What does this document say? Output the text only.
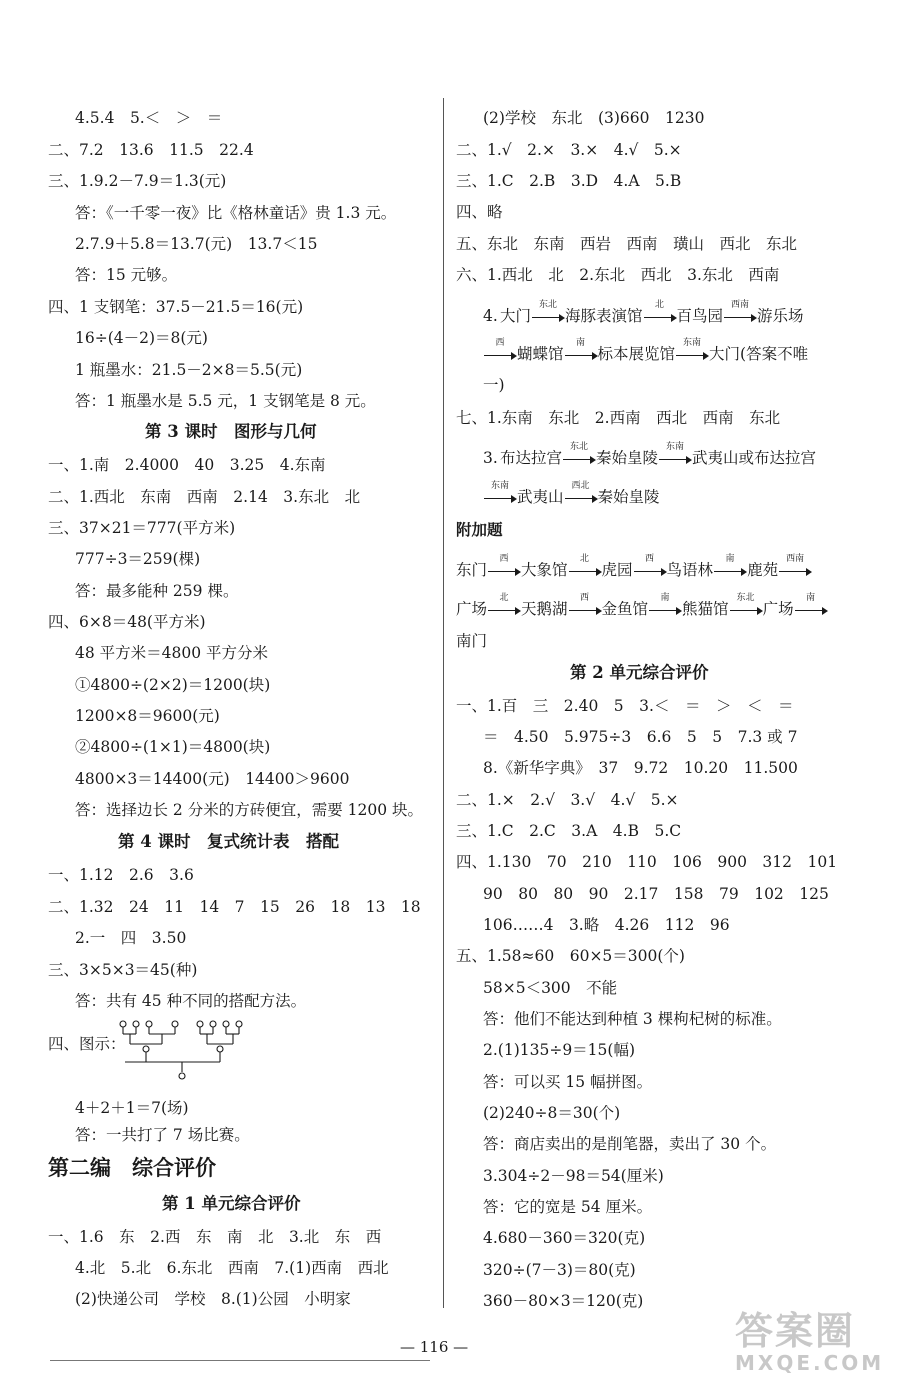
4.5.4　5.＜　＞　＝
二、7.2　13.6　11.5　22.4
三、1.9.2－7.9＝1.3(元)
答：《一千零一夜》比《格林童话》贵 1.3 元。
2.7.9＋5.8＝13.7(元)　13.7＜15
答：15 元够。
四、1 支钢笔：37.5－21.5＝16(元)
16÷(4－2)＝8(元)
1 瓶墨水：21.5－2×8＝5.5(元)
答：1 瓶墨水是 5.5 元，1 支钢笔是 8 元。
第 3 课时　图形与几何
一、1.南　2.4000　40　3.25　4.东南
二、1.西北　东南　西南　2.14　3.东北　北
三、37×21＝777(平方米)
777÷3＝259(棵)
答：最多能种 259 棵。
四、6×8＝48(平方米)
48 平方米＝4800 平方分米
①4800÷(2×2)＝1200(块)
1200×8＝9600(元)
②4800÷(1×1)＝4800(块)
4800×3＝14400(元)　14400＞9600
答：选择边长 2 分米的方砖便宜，需要 1200 块。
第 4 课时　复式统计表　搭配
一、1.12　2.6　3.6
二、1.32　24　11　14　7　15　26　18　13　18
2.一　四　3.50
三、3×5×3＝45(种)
答：共有 45 种不同的搭配方法。
四、图示：
4＋2＋1＝7(场)
答：一共打了 7 场比赛。
第二编　综合评价
第 1 单元综合评价
一、1.6　东　2.西　东　南　北　3.北　东　西
4.北　5.北　6.东北　西南　7.(1)西南　西北
(2)快递公司　学校　8.(1)公园　小明家
(2)学校　东北　(3)660　1230
二、1.√　2.×　3.×　4.√　5.×
三、1.C　2.B　3.D　4.A　5.B
四、略
五、东北　东南　西岩　西南　璜山　西北　东北
六、1.西北　北　2.东北　西北　3.东北　西南
4. 大门
东北
海豚表演馆
北
百鸟园
西南
游乐场
西
蝴蝶馆
南
标本展览馆
东南
大门(答案不唯
一)
七、1.东南　东北　2.西南　西北　西南　东北
3. 布达拉宫
东北
秦始皇陵
东南
武夷山或布达拉宫
东南
武夷山
西北
秦始皇陵
附加题
东门
西
大象馆
北
虎园
西
鸟语林
南
鹿苑
西南
广场
北
天鹅湖
西
金鱼馆
南
熊猫馆
东北
广场
南
南门
第 2 单元综合评价
一、1.百　三　2.40　5　3.＜　＝　＞　＜　＝
＝　4.50　5.975÷3　6.6　5　5　7.3 或 7
8.《新华字典》　37　9.72　10.20　11.500
二、1.×　2.√　3.√　4.√　5.×
三、1.C　2.C　3.A　4.B　5.C
四、1.130　70　210　110　106　900　312　101
90　80　80　90　2.17　158　79　102　125
106……4　3.略　4.26　112　96
五、1.58≈60　60×5＝300(个)
58×5＜300　不能
答：他们不能达到种植 3 棵枸杞树的标准。
2.(1)135÷9＝15(幅)
答：可以买 15 幅拼图。
(2)240÷8＝30(个)
答：商店卖出的是削笔器，卖出了 30 个。
3.304÷2－98＝54(厘米)
答：它的宽是 54 厘米。
4.680－360＝320(克)
320÷(7－3)＝80(克)
360－80×3＝120(克)
— 116 —	答案圈
MXQE.COM
